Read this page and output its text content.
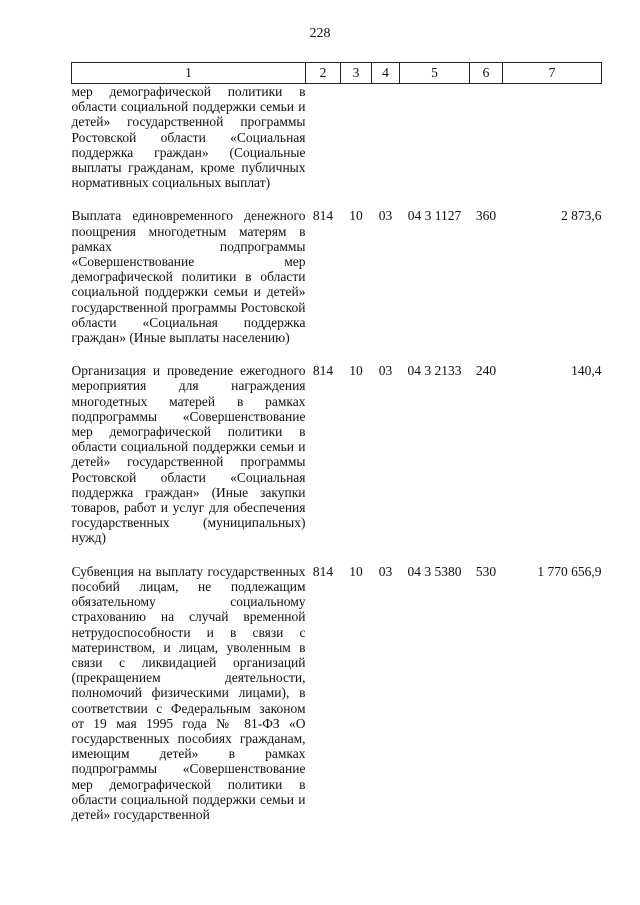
228
1	2	3	4	5	6	7
мер демографической политики в области социальной поддержки семьи и детей» государственной программы Ростовской области «Социальная поддержка граждан» (Социальные выплаты гражданам, кроме публичных нормативных социальных выплат)						

Выплата единовременного денежного поощрения многодетным матерям в рамках подпрограммы «Совершенствование мер демографической политики в области социальной поддержки семьи и детей» государственной программы Ростовской области «Социальная поддержка граждан» (Иные выплаты населению)	814	10	03	04 3 1127	360	2 873,6

Организация и проведение ежегодного мероприятия для награждения многодетных матерей в рамках подпрограммы «Совершенствование мер демографической политики в области социальной поддержки семьи и детей» государственной программы Ростовской области «Социальная поддержка граждан» (Иные закупки товаров, работ и услуг для обеспечения государственных (муниципальных) нужд)	814	10	03	04 3 2133	240	140,4

Субвенция на выплату государственных пособий лицам, не подлежащим обязательному социальному страхованию на случай временной нетрудоспособности и в связи с материнством, и лицам, уволенным в связи с ликвидацией организаций (прекращением деятельности, полномочий физическими лицами), в соответствии с Федеральным законом от 19 мая 1995 года № 81-ФЗ «О государственных пособиях гражданам, имеющим детей» в рамках подпрограммы «Совершенствование мер демографической политики в области социальной поддержки семьи и детей» государственной	814	10	03	04 3 5380	530	1 770 656,9
